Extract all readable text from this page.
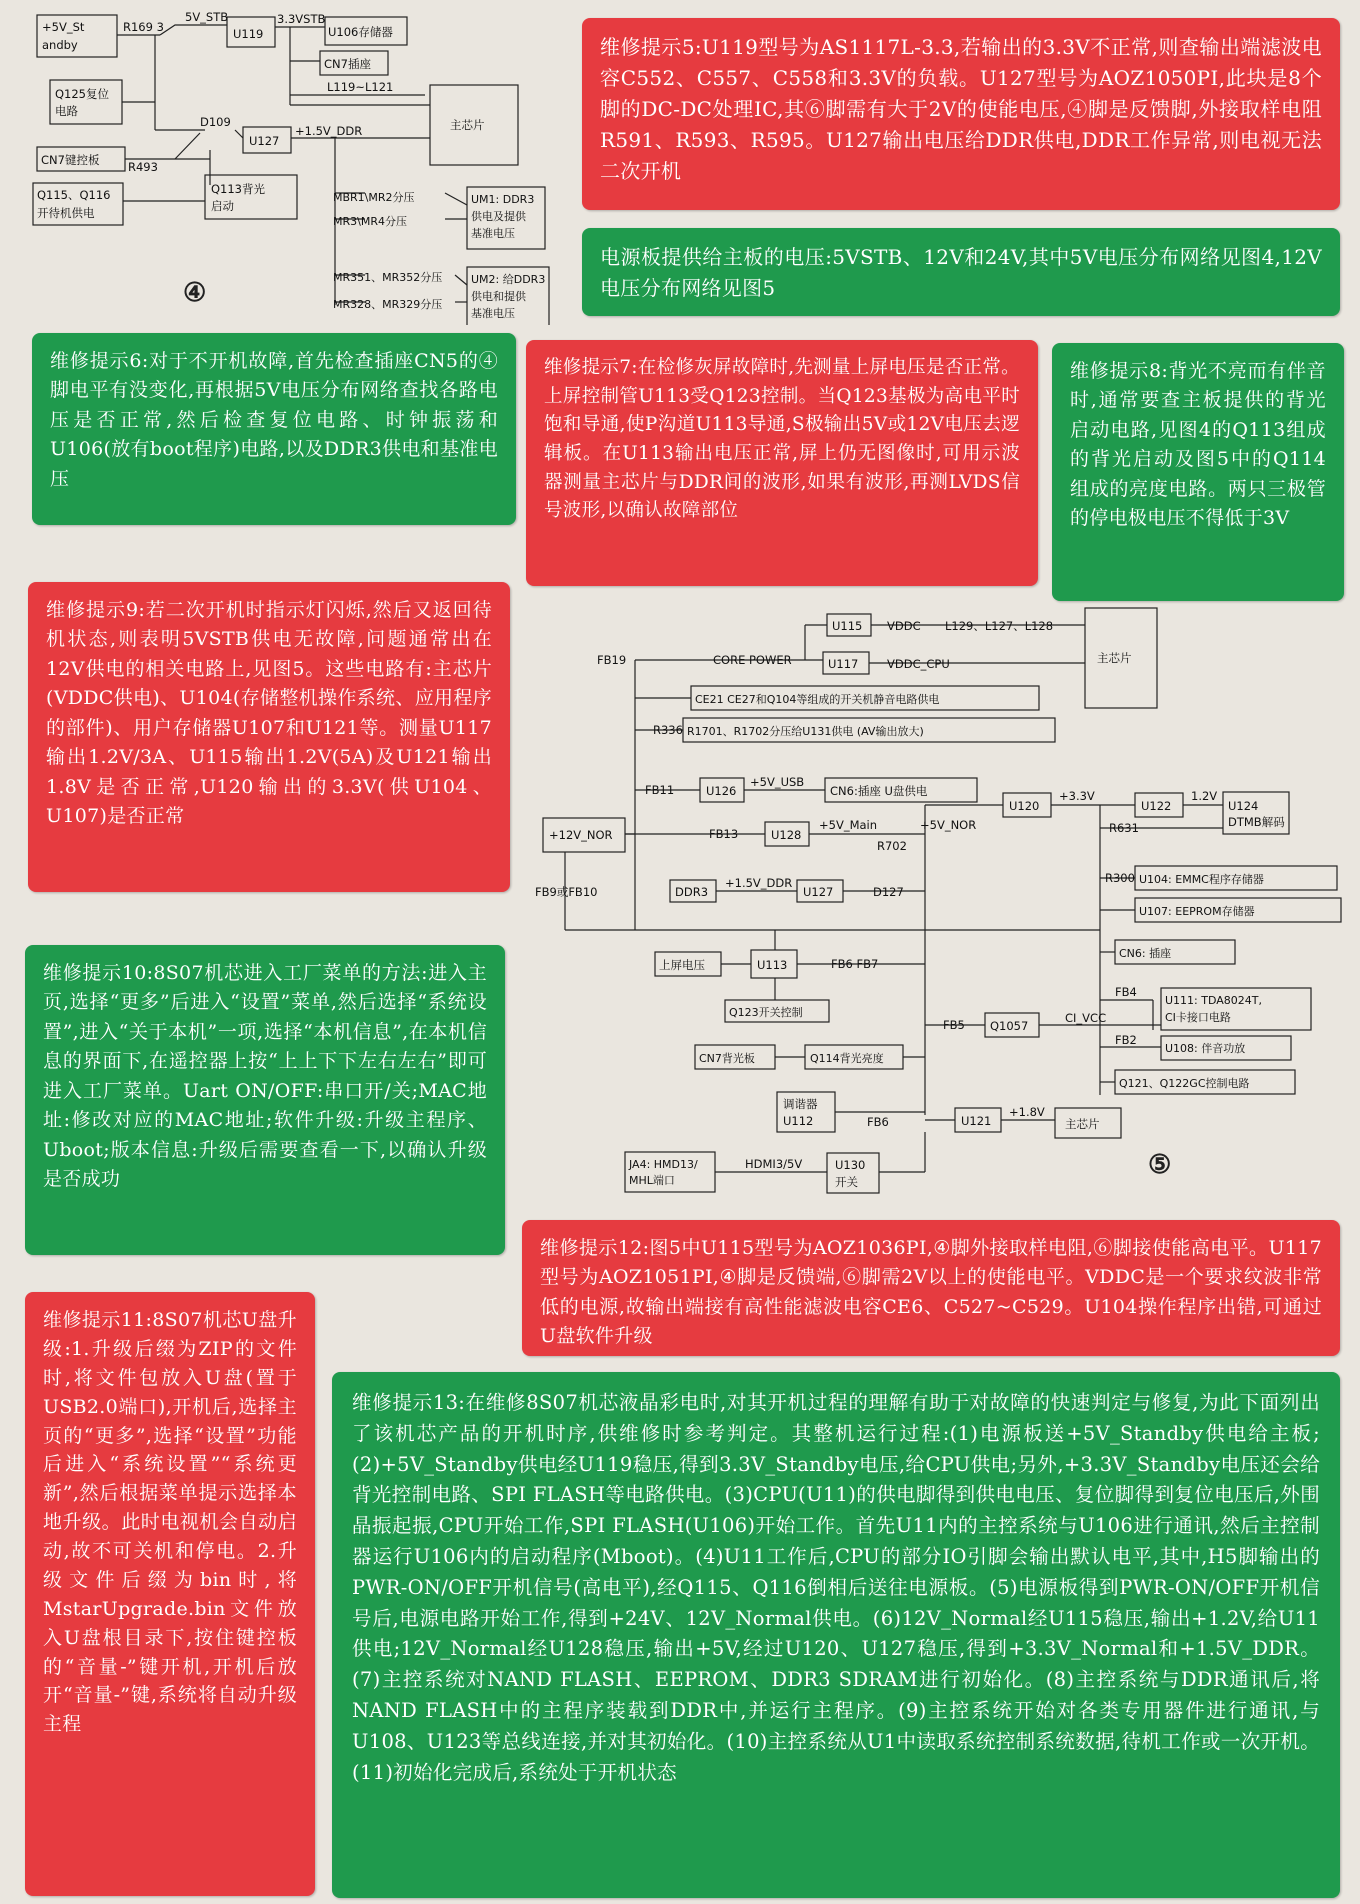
+5V_St
andby
R169 3
5V_STB
U119
3.3VSTB
U106存储器
CN7插座
L119~L121
主芯片
Q125复位
电路
D109
U127
+1.5V_DDR
CN7键控板 R493
Q115、Q116
开待机供电
Q113背光
启动
MBR1\MR2分压
MR3\MR4分压
UM1: DDR3
供电及提供
基准电压
MR351、MR352分压
MR328、MR329分压
UM2: 给DDR3
供电和提供
基准电压
④
维修提示5:U119型号为AS1117L-3.3,若输出的3.3V不正常,则查输出端滤波电容C552、C557、C558和3.3V的负载。U127型号为AOZ1050PI,此块是8个脚的DC-DC处理IC,其⑥脚需有大于2V的使能电压,④脚是反馈脚,外接取样电阻R591、R593、R595。U127输出电压给DDR供电,DDR工作异常,则电视无法二次开机
电源板提供给主板的电压:5VSTB、12V和24V,其中5V电压分布网络见图4,12V电压分布网络见图5
维修提示6:对于不开机故障,首先检查插座CN5的④脚电平有没变化,再根据5V电压分布网络查找各路电压是否正常,然后检查复位电路、时钟振荡和U106(放有boot程序)电路,以及DDR3供电和基准电压
维修提示7:在检修灰屏故障时,先测量上屏电压是否正常。上屏控制管U113受Q123控制。当Q123基极为高电平时饱和导通,使P沟道U113导通,S极输出5V或12V电压去逻辑板。在U113输出电压正常,屏上仍无图像时,可用示波器测量主芯片与DDR间的波形,如果有波形,再测LVDS信号波形,以确认故障部位
维修提示8:背光不亮而有伴音时,通常要查主板提供的背光启动电路,见图4的Q113组成的背光启动及图5中的Q114组成的亮度电路。两只三极管的停电极电压不得低于3V
维修提示9:若二次开机时指示灯闪烁,然后又返回待机状态,则表明5VSTB供电无故障,问题通常出在12V供电的相关电路上,见图5。这些电路有:主芯片(VDDC供电)、U104(存储整机操作系统、应用程序的部件)、用户存储器U107和U121等。测量U117输出1.2V/3A、U115输出1.2V(5A)及U121输出1.8V是否正常,U120输出的3.3V(供U104、U107)是否正常
维修提示10:8S07机芯进入工厂菜单的方法:进入主页,选择“更多”后进入“设置”菜单,然后选择“系统设置”,进入“关于本机”一项,选择“本机信息”,在本机信息的界面下,在遥控器上按“上上下下左右左右”即可进入工厂菜单。Uart ON/OFF:串口开/关;MAC地址:修改对应的MAC地址;软件升级:升级主程序、Uboot;版本信息:升级后需要查看一下,以确认升级是否成功
U115 VDDC L129、L127、L128
主芯片
FB19	CORE POWER	U117 VDDC_CPU
CE21 CE27和Q104等组成的开关机静音电路供电
R336 R1701、R1702分压给U131供电 (AV输出放大)
FB11	U126
+5V_USB
CN6:插座 U盘供电
U120
+3.3V
U122
1.2V
U124
DTMB解码
+12V_NOR	FB13	U128
+5V_Main
R702
+5V_NOR	R631
FB9或FB10	DDR3
+1.5V_DDR
U127	D127
R300 U104: EMMC程序存储器
U107: EEPROM存储器
上屏电压	U113	FB6 FB7
CN6: 插座
Q123开关控制
FB4
U111: TDA8024T,
CI卡接口电路
FB5 Q1057
CI_VCC
FB2
U108: 伴音功放
CN7背光板	Q114背光亮度
Q121、Q122GC控制电路
调谐器
U112	FB6	U121
+1.8V
主芯片
JA4: HMD13/
MHL端口
HDMI3/5V	U130
开关
⑤
维修提示12:图5中U115型号为AOZ1036PI,④脚外接取样电阻,⑥脚接使能高电平。U117型号为AOZ1051PI,④脚是反馈端,⑥脚需2V以上的使能电平。VDDC是一个要求纹波非常低的电源,故输出端接有高性能滤波电容CE6、C527~C529。U104操作程序出错,可通过U盘软件升级
维修提示11:8S07机芯U盘升级:1.升级后缀为ZIP的文件时,将文件包放入U盘(置于USB2.0端口),开机后,选择主页的“更多”,选择“设置”功能后进入“系统设置”“系统更新”,然后根据菜单提示选择本地升级。此时电视机会自动启动,故不可关机和停电。2.升级文件后缀为bin时,将MstarUpgrade.bin文件放入U盘根目录下,按住键控板的“音量-”键开机,开机后放开“音量-”键,系统将自动升级主程
维修提示13:在维修8S07机芯液晶彩电时,对其开机过程的理解有助于对故障的快速判定与修复,为此下面列出了该机芯产品的开机时序,供维修时参考判定。其整机运行过程:(1)电源板送+5V_Standby供电给主板;(2)+5V_Standby供电经U119稳压,得到3.3V_Standby电压,给CPU供电;另外,+3.3V_Standby电压还会给背光控制电路、SPI FLASH等电路供电。(3)CPU(U11)的供电脚得到供电电压、复位脚得到复位电压后,外围晶振起振,CPU开始工作,SPI FLASH(U106)开始工作。首先U11内的主控系统与U106进行通讯,然后主控制器运行U106内的启动程序(Mboot)。(4)U11工作后,CPU的部分IO引脚会输出默认电平,其中,H5脚输出的PWR-ON/OFF开机信号(高电平),经Q115、Q116倒相后送往电源板。(5)电源板得到PWR-ON/OFF开机信号后,电源电路开始工作,得到+24V、12V_Normal供电。(6)12V_Normal经U115稳压,输出+1.2V,给U11供电;12V_Normal经U128稳压,输出+5V,经过U120、U127稳压,得到+3.3V_Normal和+1.5V_DDR。(7)主控系统对NAND FLASH、EEPROM、DDR3 SDRAM进行初始化。(8)主控系统与DDR通讯后,将NAND FLASH中的主程序装载到DDR中,并运行主程序。(9)主控系统开始对各类专用器件进行通讯,与U108、U123等总线连接,并对其初始化。(10)主控系统从U1中读取系统控制系统数据,待机工作或一次开机。(11)初始化完成后,系统处于开机状态
